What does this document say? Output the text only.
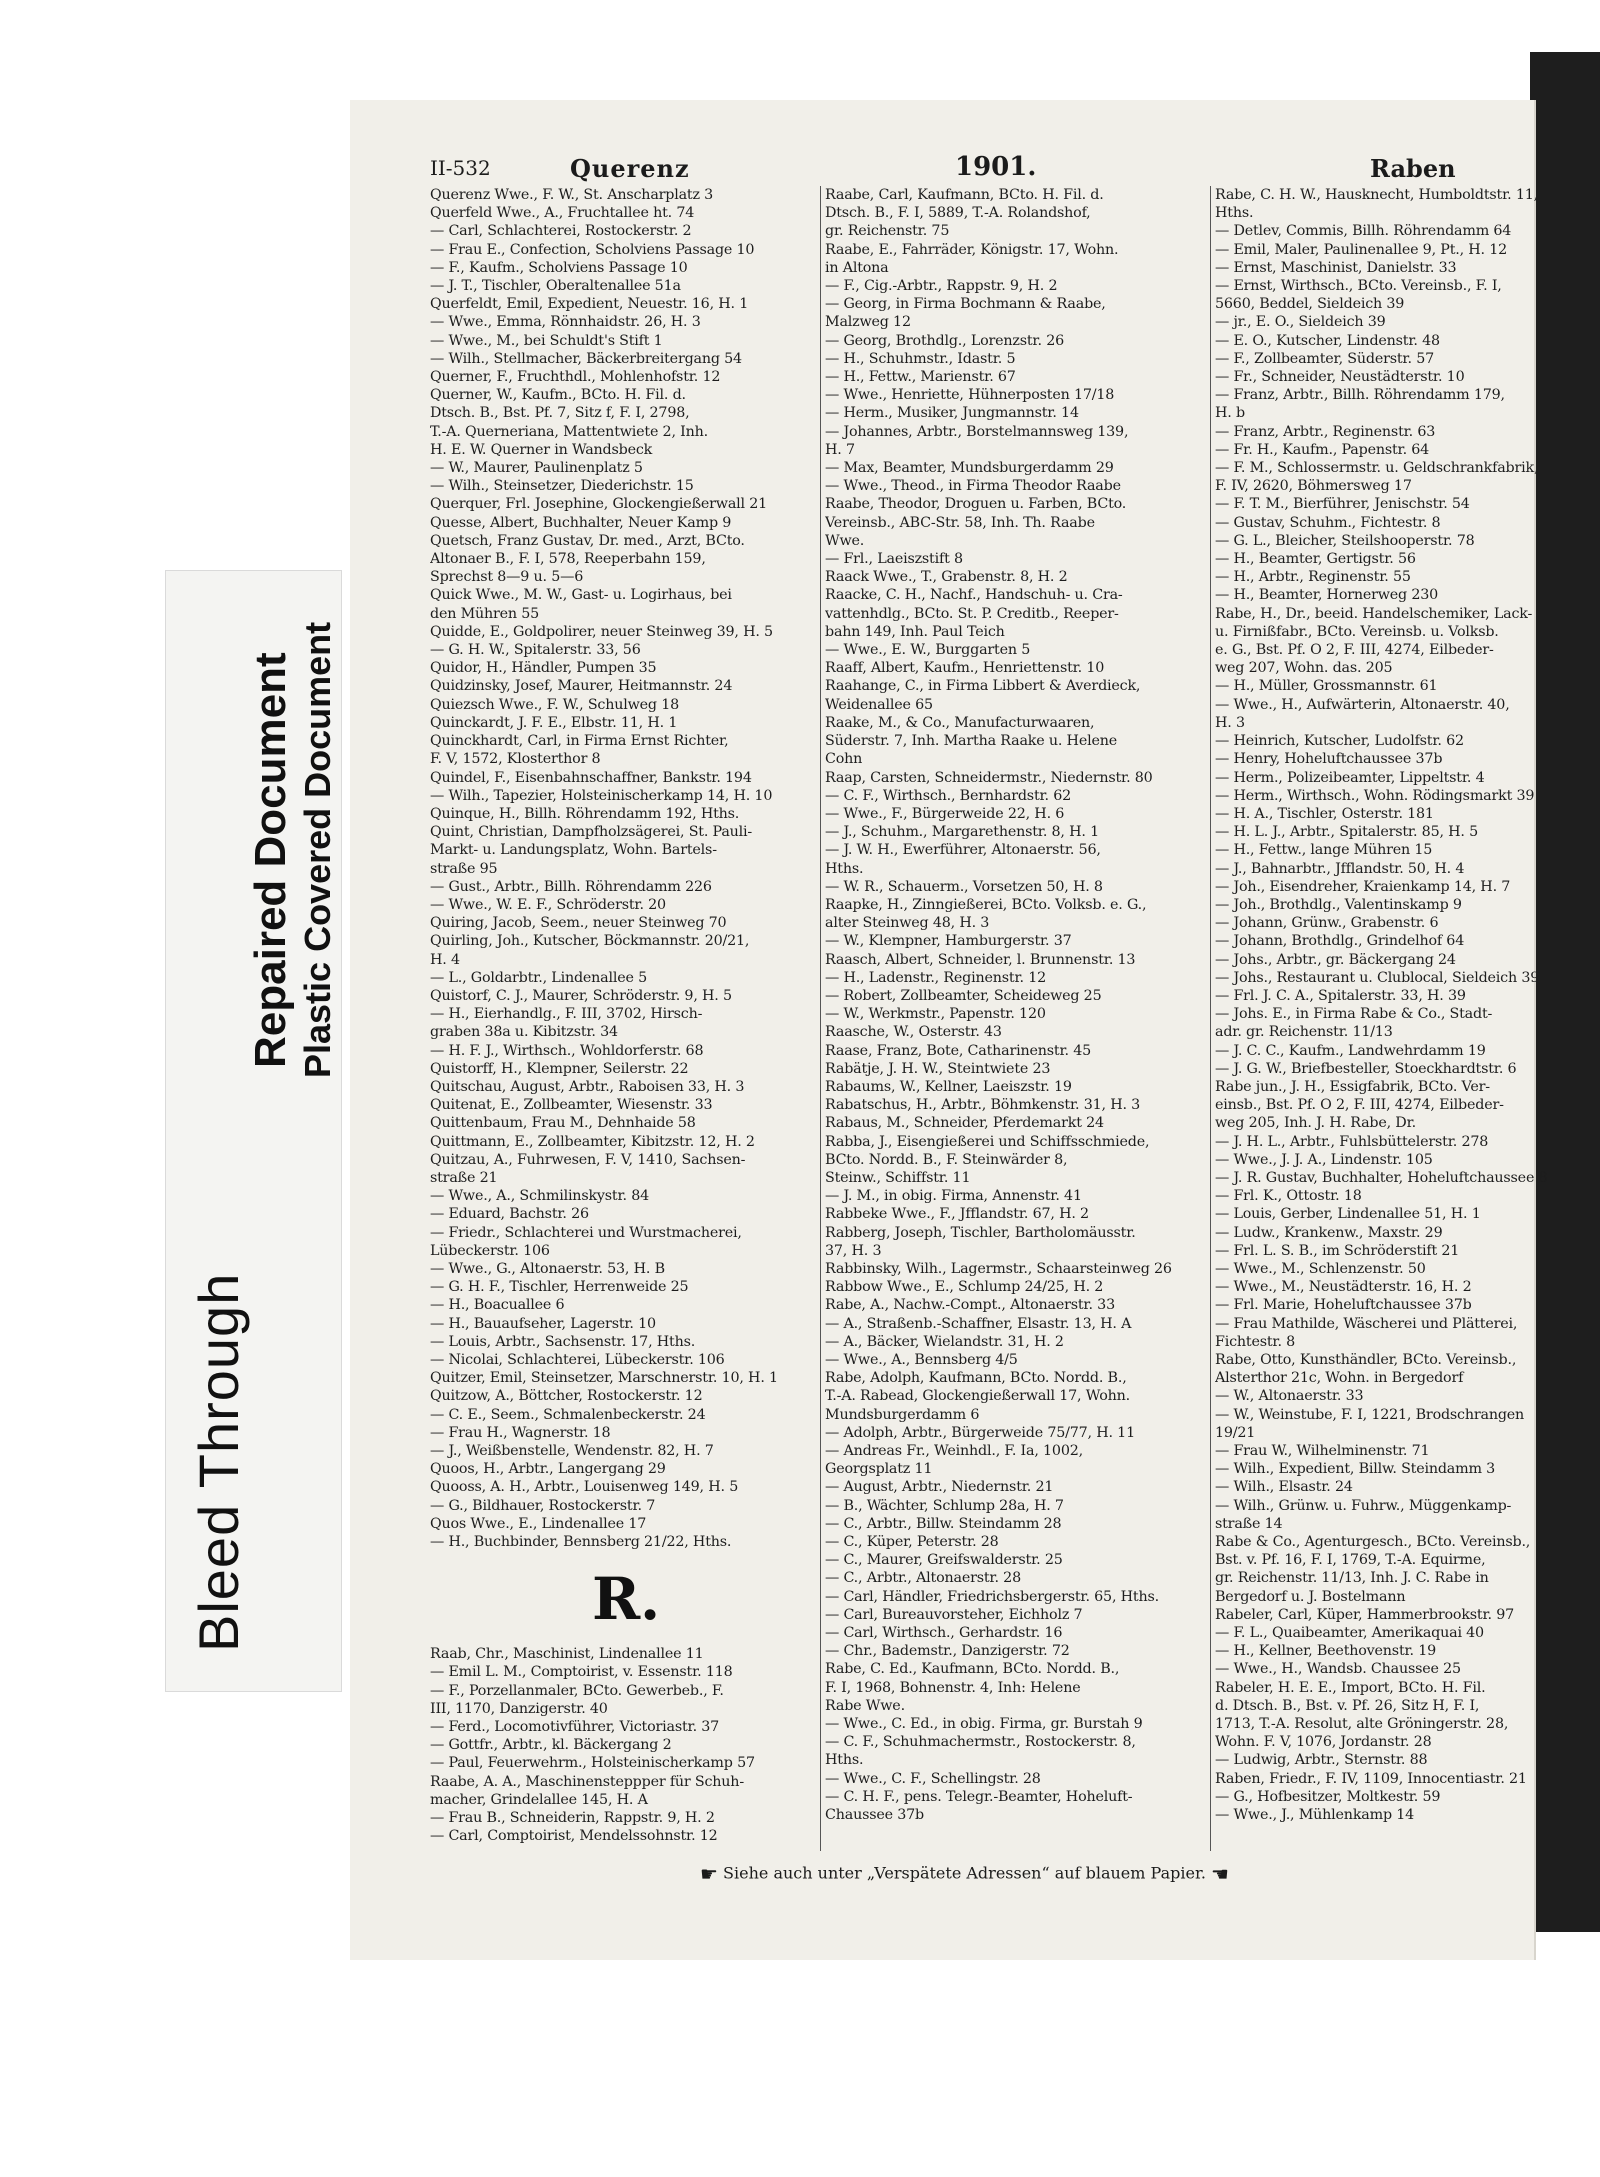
Bleed Through
Repaired Document Plastic Covered Document
II-532	Querenz	1901.	Raben
Querenz Wwe., F. W., St. Anscharplatz 3
Querfeld Wwe., A., Fruchtallee ht. 74
— Carl, Schlachterei, Rostockerstr. 2
— Frau E., Confection, Scholviens Passage 10
— F., Kaufm., Scholviens Passage 10
— J. T., Tischler, Oberaltenallee 51a
Querfeldt, Emil, Expedient, Neuestr. 16, H. 1
— Wwe., Emma, Rönnhaidstr. 26, H. 3
— Wwe., M., bei Schuldt's Stift 1
— Wilh., Stellmacher, Bäckerbreitergang 54
Querner, F., Fruchthdl., Mohlenhofstr. 12
Querner, W., Kaufm., BCto. H. Fil. d.
Dtsch. B., Bst. Pf. 7, Sitz f, F. I, 2798,
T.-A. Querneriana, Mattentwiete 2, Inh.
H. E. W. Querner in Wandsbeck
— W., Maurer, Paulinenplatz 5
— Wilh., Steinsetzer, Diederichstr. 15
Querquer, Frl. Josephine, Glockengießerwall 21
Quesse, Albert, Buchhalter, Neuer Kamp 9
Quetsch, Franz Gustav, Dr. med., Arzt, BCto.
Altonaer B., F. I, 578, Reeperbahn 159,
Sprechst 8—9 u. 5—6
Quick Wwe., M. W., Gast- u. Logirhaus, bei
den Mühren 55
Quidde, E., Goldpolirer, neuer Steinweg 39, H. 5
— G. H. W., Spitalerstr. 33, 56
Quidor, H., Händler, Pumpen 35
Quidzinsky, Josef, Maurer, Heitmannstr. 24
Quiezsch Wwe., F. W., Schulweg 18
Quinckardt, J. F. E., Elbstr. 11, H. 1
Quinckhardt, Carl, in Firma Ernst Richter,
F. V, 1572, Klosterthor 8
Quindel, F., Eisenbahnschaffner, Bankstr. 194
— Wilh., Tapezier, Holsteinischerkamp 14, H. 10
Quinque, H., Billh. Röhrendamm 192, Hths.
Quint, Christian, Dampfholzsägerei, St. Pauli-
Markt- u. Landungsplatz, Wohn. Bartels-
straße 95
— Gust., Arbtr., Billh. Röhrendamm 226
— Wwe., W. E. F., Schröderstr. 20
Quiring, Jacob, Seem., neuer Steinweg 70
Quirling, Joh., Kutscher, Böckmannstr. 20/21,
H. 4
— L., Goldarbtr., Lindenallee 5
Quistorf, C. J., Maurer, Schröderstr. 9, H. 5
— H., Eierhandlg., F. III, 3702, Hirsch-
graben 38a u. Kibitzstr. 34
— H. F. J., Wirthsch., Wohldorferstr. 68
Quistorff, H., Klempner, Seilerstr. 22
Quitschau, August, Arbtr., Raboisen 33, H. 3
Quitenat, E., Zollbeamter, Wiesenstr. 33
Quittenbaum, Frau M., Dehnhaide 58
Quittmann, E., Zollbeamter, Kibitzstr. 12, H. 2
Quitzau, A., Fuhrwesen, F. V, 1410, Sachsen-
straße 21
— Wwe., A., Schmilinskystr. 84
— Eduard, Bachstr. 26
— Friedr., Schlachterei und Wurstmacherei,
Lübeckerstr. 106
— Wwe., G., Altonaerstr. 53, H. B
— G. H. F., Tischler, Herrenweide 25
— H., Boacuallee 6
— H., Bauaufseher, Lagerstr. 10
— Louis, Arbtr., Sachsenstr. 17, Hths.
— Nicolai, Schlachterei, Lübeckerstr. 106
Quitzer, Emil, Steinsetzer, Marschnerstr. 10, H. 1
Quitzow, A., Böttcher, Rostockerstr. 12
— C. E., Seem., Schmalenbeckerstr. 24
— Frau H., Wagnerstr. 18
— J., Weißbenstelle, Wendenstr. 82, H. 7
Quoos, H., Arbtr., Langergang 29
Quooss, A. H., Arbtr., Louisenweg 149, H. 5
— G., Bildhauer, Rostockerstr. 7
Quos Wwe., E., Lindenallee 17
— H., Buchbinder, Bennsberg 21/22, Hths.
R.
Raab, Chr., Maschinist, Lindenallee 11
— Emil L. M., Comptoirist, v. Essenstr. 118
— F., Porzellanmaler, BCto. Gewerbeb., F.
III, 1170, Danzigerstr. 40
— Ferd., Locomotivführer, Victoriastr. 37
— Gottfr., Arbtr., kl. Bäckergang 2
— Paul, Feuerwehrm., Holsteinischerkamp 57
Raabe, A. A., Maschinensteppper für Schuh-
macher, Grindelallee 145, H. A
— Frau B., Schneiderin, Rappstr. 9, H. 2
— Carl, Comptoirist, Mendelssohnstr. 12
Raabe, Carl, Kaufmann, BCto. H. Fil. d.
Dtsch. B., F. I, 5889, T.-A. Rolandshof,
gr. Reichenstr. 75
Raabe, E., Fahrräder, Königstr. 17, Wohn.
in Altona
— F., Cig.-Arbtr., Rappstr. 9, H. 2
— Georg, in Firma Bochmann & Raabe,
Malzweg 12
— Georg, Brothdlg., Lorenzstr. 26
— H., Schuhmstr., Idastr. 5
— H., Fettw., Marienstr. 67
— Wwe., Henriette, Hühnerposten 17/18
— Herm., Musiker, Jungmannstr. 14
— Johannes, Arbtr., Borstelmannsweg 139,
H. 7
— Max, Beamter, Mundsburgerdamm 29
— Wwe., Theod., in Firma Theodor Raabe
Raabe, Theodor, Droguen u. Farben, BCto.
Vereinsb., ABC-Str. 58, Inh. Th. Raabe
Wwe.
— Frl., Laeiszstift 8
Raack Wwe., T., Grabenstr. 8, H. 2
Raacke, C. H., Nachf., Handschuh- u. Cra-
vattenhdlg., BCto. St. P. Creditb., Reeper-
bahn 149, Inh. Paul Teich
— Wwe., E. W., Burggarten 5
Raaff, Albert, Kaufm., Henriettenstr. 10
Raahange, C., in Firma Libbert & Averdieck,
Weidenallee 65
Raake, M., & Co., Manufacturwaaren,
Süderstr. 7, Inh. Martha Raake u. Helene
Cohn
Raap, Carsten, Schneidermstr., Niedernstr. 80
— C. F., Wirthsch., Bernhardstr. 62
— Wwe., F., Bürgerweide 22, H. 6
— J., Schuhm., Margarethenstr. 8, H. 1
— J. W. H., Ewerführer, Altonaerstr. 56,
Hths.
— W. R., Schauerm., Vorsetzen 50, H. 8
Raapke, H., Zinngießerei, BCto. Volksb. e. G.,
alter Steinweg 48, H. 3
— W., Klempner, Hamburgerstr. 37
Raasch, Albert, Schneider, l. Brunnenstr. 13
— H., Ladenstr., Reginenstr. 12
— Robert, Zollbeamter, Scheideweg 25
— W., Werkmstr., Papenstr. 120
Raasche, W., Osterstr. 43
Raase, Franz, Bote, Catharinenstr. 45
Rabätje, J. H. W., Steintwiete 23
Rabaums, W., Kellner, Laeiszstr. 19
Rabatschus, H., Arbtr., Böhmkenstr. 31, H. 3
Rabaus, M., Schneider, Pferdemarkt 24
Rabba, J., Eisengießerei und Schiffsschmiede,
BCto. Nordd. B., F. Steinwärder 8,
Steinw., Schiffstr. 11
— J. M., in obig. Firma, Annenstr. 41
Rabbeke Wwe., F., Jfflandstr. 67, H. 2
Rabberg, Joseph, Tischler, Bartholomäusstr.
37, H. 3
Rabbinsky, Wilh., Lagermstr., Schaarsteinweg 26
Rabbow Wwe., E., Schlump 24/25, H. 2
Rabe, A., Nachw.-Compt., Altonaerstr. 33
— A., Straßenb.-Schaffner, Elsastr. 13, H. A
— A., Bäcker, Wielandstr. 31, H. 2
— Wwe., A., Bennsberg 4/5
Rabe, Adolph, Kaufmann, BCto. Nordd. B.,
T.-A. Rabead, Glockengießerwall 17, Wohn.
Mundsburgerdamm 6
— Adolph, Arbtr., Bürgerweide 75/77, H. 11
— Andreas Fr., Weinhdl., F. Ia, 1002,
Georgsplatz 11
— August, Arbtr., Niedernstr. 21
— B., Wächter, Schlump 28a, H. 7
— C., Arbtr., Billw. Steindamm 28
— C., Küper, Peterstr. 28
— C., Maurer, Greifswalderstr. 25
— C., Arbtr., Altonaerstr. 28
— Carl, Händler, Friedrichsbergerstr. 65, Hths.
— Carl, Bureauvorsteher, Eichholz 7
— Carl, Wirthsch., Gerhardstr. 16
— Chr., Bademstr., Danzigerstr. 72
Rabe, C. Ed., Kaufmann, BCto. Nordd. B.,
F. I, 1968, Bohnenstr. 4, Inh: Helene
Rabe Wwe.
— Wwe., C. Ed., in obig. Firma, gr. Burstah 9
— C. F., Schuhmachermstr., Rostockerstr. 8,
Hths.
— Wwe., C. F., Schellingstr. 28
— C. H. F., pens. Telegr.-Beamter, Hoheluft-
Chaussee 37b
Rabe, C. H. W., Hausknecht, Humboldtstr. 11,
Hths.
— Detlev, Commis, Billh. Röhrendamm 64
— Emil, Maler, Paulinenallee 9, Pt., H. 12
— Ernst, Maschinist, Danielstr. 33
— Ernst, Wirthsch., BCto. Vereinsb., F. I,
5660, Beddel, Sieldeich 39
— jr., E. O., Sieldeich 39
— E. O., Kutscher, Lindenstr. 48
— F., Zollbeamter, Süderstr. 57
— Fr., Schneider, Neustädterstr. 10
— Franz, Arbtr., Billh. Röhrendamm 179,
H. b
— Franz, Arbtr., Reginenstr. 63
— Fr. H., Kaufm., Papenstr. 64
— F. M., Schlossermstr. u. Geldschrankfabrik,
F. IV, 2620, Böhmersweg 17
— F. T. M., Bierführer, Jenischstr. 54
— Gustav, Schuhm., Fichtestr. 8
— G. L., Bleicher, Steilshooperstr. 78
— H., Beamter, Gertigstr. 56
— H., Arbtr., Reginenstr. 55
— H., Beamter, Hornerweg 230
Rabe, H., Dr., beeid. Handelschemiker, Lack-
u. Firnißfabr., BCto. Vereinsb. u. Volksb.
e. G., Bst. Pf. O 2, F. III, 4274, Eilbeder-
weg 207, Wohn. das. 205
— H., Müller, Grossmannstr. 61
— Wwe., H., Aufwärterin, Altonaerstr. 40,
H. 3
— Heinrich, Kutscher, Ludolfstr. 62
— Henry, Hoheluftchaussee 37b
— Herm., Polizeibeamter, Lippeltstr. 4
— Herm., Wirthsch., Wohn. Rödingsmarkt 39
— H. A., Tischler, Osterstr. 181
— H. L. J., Arbtr., Spitalerstr. 85, H. 5
— H., Fettw., lange Mühren 15
— J., Bahnarbtr., Jfflandstr. 50, H. 4
— Joh., Eisendreher, Kraienkamp 14, H. 7
— Joh., Brothdlg., Valentinskamp 9
— Johann, Grünw., Grabenstr. 6
— Johann, Brothdlg., Grindelhof 64
— Johs., Arbtr., gr. Bäckergang 24
— Johs., Restaurant u. Clublocal, Sieldeich 39
— Frl. J. C. A., Spitalerstr. 33, H. 39
— Johs. E., in Firma Rabe & Co., Stadt-
adr. gr. Reichenstr. 11/13
— J. C. C., Kaufm., Landwehrdamm 19
— J. G. W., Briefbesteller, Stoeckhardtstr. 6
Rabe jun., J. H., Essigfabrik, BCto. Ver-
einsb., Bst. Pf. O 2, F. III, 4274, Eilbeder-
weg 205, Inh. J. H. Rabe, Dr.
— J. H. L., Arbtr., Fuhlsbüttelerstr. 278
— Wwe., J. J. A., Lindenstr. 105
— J. R. Gustav, Buchhalter, Hoheluftchaussee 8
— Frl. K., Ottostr. 18
— Louis, Gerber, Lindenallee 51, H. 1
— Ludw., Krankenw., Maxstr. 29
— Frl. L. S. B., im Schröderstift 21
— Wwe., M., Schlenzenstr. 50
— Wwe., M., Neustädterstr. 16, H. 2
— Frl. Marie, Hoheluftchaussee 37b
— Frau Mathilde, Wäscherei und Plätterei,
Fichtestr. 8
Rabe, Otto, Kunsthändler, BCto. Vereinsb.,
Alsterthor 21c, Wohn. in Bergedorf
— W., Altonaerstr. 33
— W., Weinstube, F. I, 1221, Brodschrangen
19/21
— Frau W., Wilhelminenstr. 71
— Wilh., Expedient, Billw. Steindamm 3
— Wilh., Elsastr. 24
— Wilh., Grünw. u. Fuhrw., Müggenkamp-
straße 14
Rabe & Co., Agenturgesch., BCto. Vereinsb.,
Bst. v. Pf. 16, F. I, 1769, T.-A. Equirme,
gr. Reichenstr. 11/13, Inh. J. C. Rabe in
Bergedorf u. J. Bostelmann
Rabeler, Carl, Küper, Hammerbrookstr. 97
— F. L., Quaibeamter, Amerikaquai 40
— H., Kellner, Beethovenstr. 19
— Wwe., H., Wandsb. Chaussee 25
Rabeler, H. E. E., Import, BCto. H. Fil.
d. Dtsch. B., Bst. v. Pf. 26, Sitz H, F. I,
1713, T.-A. Resolut, alte Gröningerstr. 28,
Wohn. F. V, 1076, Jordanstr. 28
— Ludwig, Arbtr., Sternstr. 88
Raben, Friedr., F. IV, 1109, Innocentiastr. 21
— G., Hofbesitzer, Moltkestr. 59
— Wwe., J., Mühlenkamp 14
☛ Siehe auch unter „Verspätete Adressen“ auf blauem Papier. ☚
